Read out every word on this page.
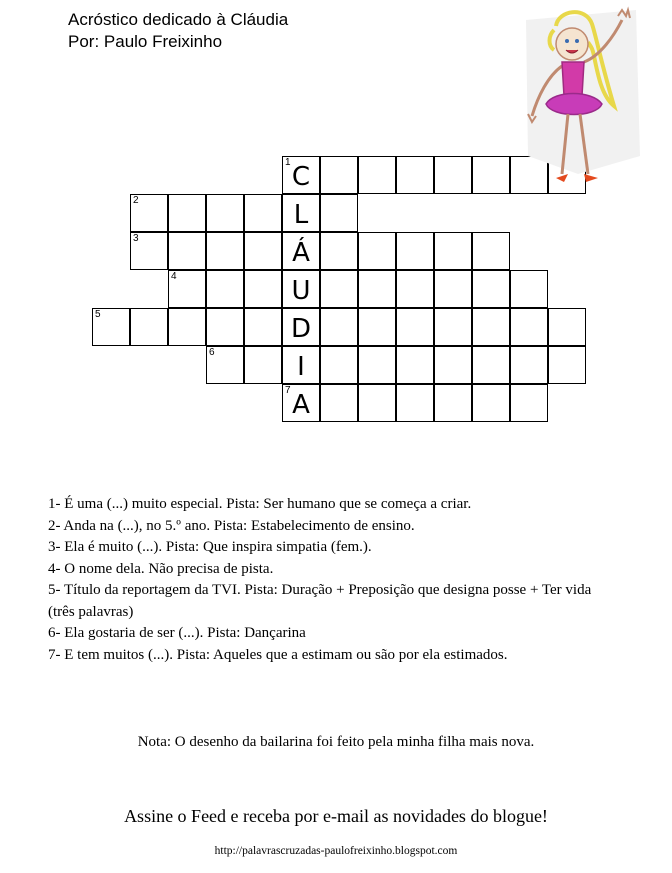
Acróstico dedicado à Cláudia
Por: Paulo Freixinho
1 C
2	L
3	Á
4	U
5	D
6	I
7 A

1- É uma (...) muito especial. Pista: Ser humano que se começa a criar.

2- Anda na (...), no 5.º ano. Pista: Estabelecimento de ensino.

3- Ela é muito (...). Pista: Que inspira simpatia (fem.).

4- O nome dela. Não precisa de pista.

5- Título da reportagem da TVI. Pista: Duração + Preposição que designa posse + Ter vida (três palavras)

6- Ela gostaria de ser (...). Pista: Dançarina

7- E tem muitos (...). Pista: Aqueles que a estimam ou são por ela estimados.

Nota: O desenho da bailarina foi feito pela minha filha mais nova.
Assine o Feed e receba por e-mail as novidades do blogue!
http://palavrascruzadas-paulofreixinho.blogspot.com
